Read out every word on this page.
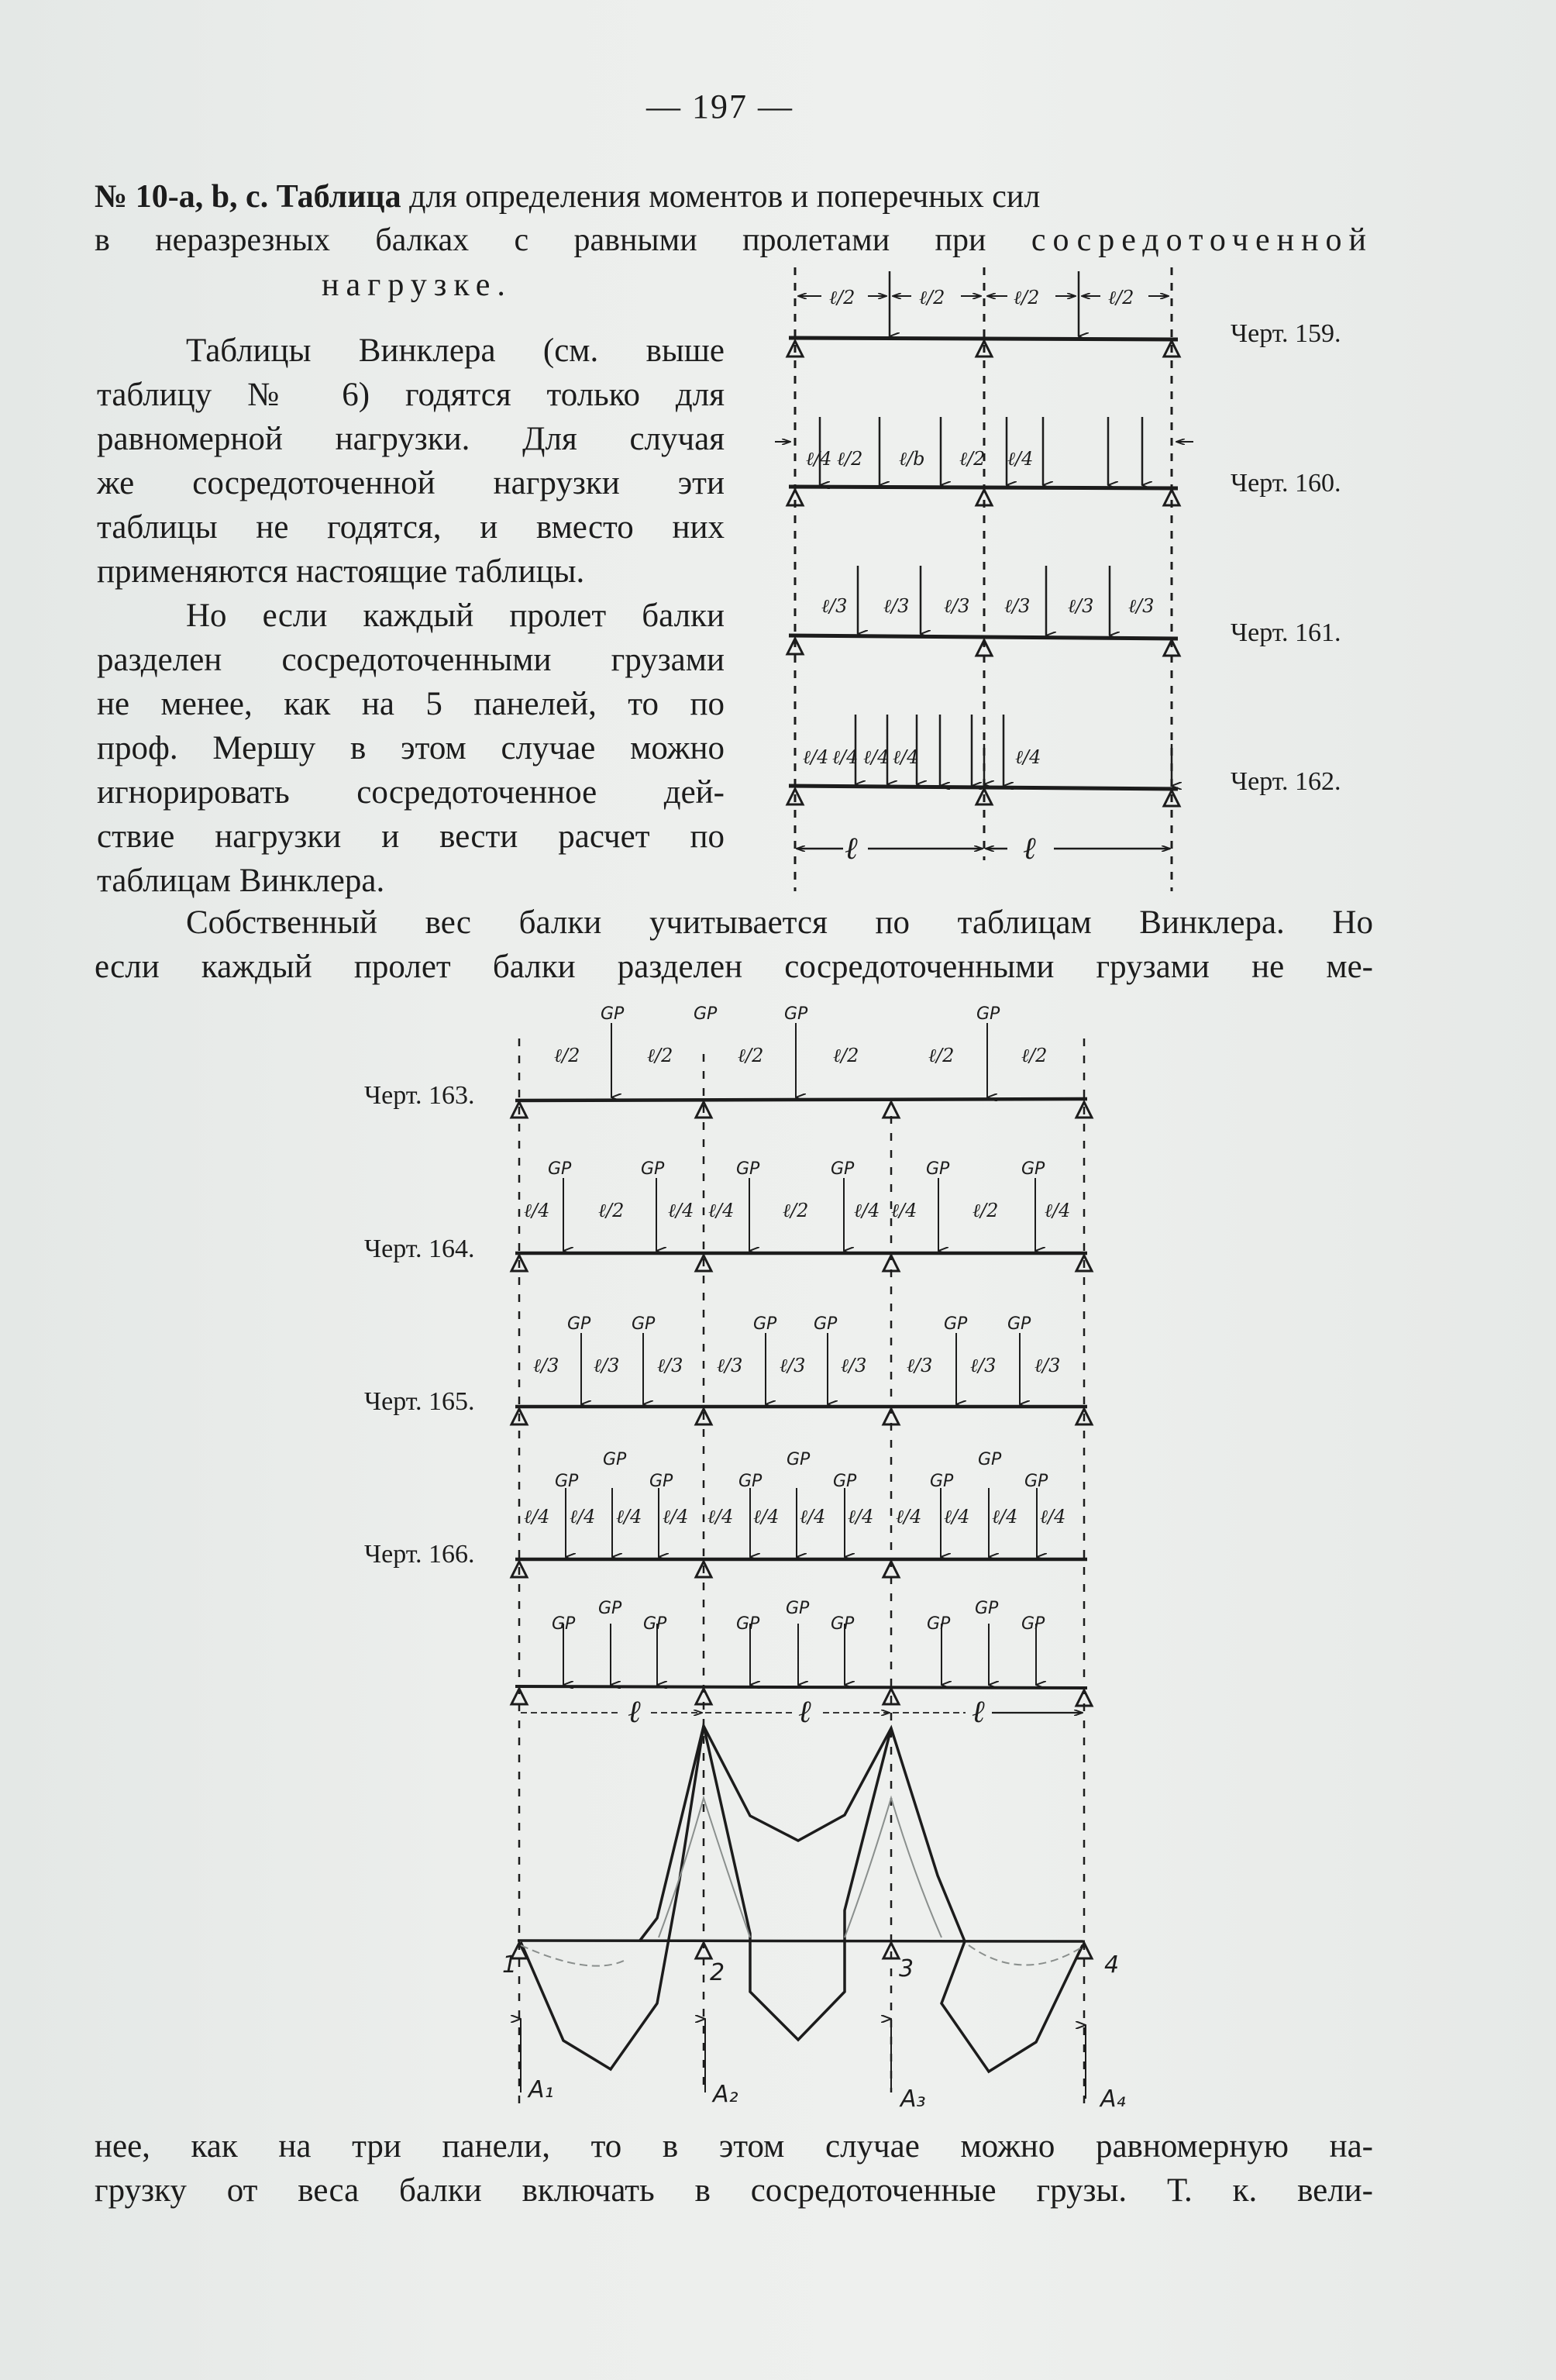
— 197 —
№ 10-a, b, c. Таблица для определения моментов и поперечных сил
в неразрезных балках с равными пролетами при сосредоточенной
нагрузке.
Таблицы Винклера (см. выше
таблицу № 6) годятся только для
равномерной нагрузки. Для случая
же сосредоточенной нагрузки эти
таблицы не годятся, и вместо них
применяются настоящие таблицы.
Но если каждый пролет балки
разделен сосредоточенными грузами
не менее, как на 5 панелей, то по
проф. Мершу в этом случае можно
игнорировать сосредоточенное дей-
ствие нагрузки и вести расчет по
таблицам Винклера.
Собственный вес балки учитывается по таблицам Винклера. Но
если каждый пролет балки разделен сосредоточенными грузами не ме-
нее, как на три панели, то в этом случае можно равномерную на-
грузку от веса балки включать в сосредоточенные грузы. Т. к. вели-
Черт. 159.
Черт. 160.
Черт. 161.
Черт. 162.
Черт. 163.
Черт. 164.
Черт. 165.
Черт. 166.
ℓ/2	ℓ/2	ℓ/2	ℓ/2
ℓ/4 ℓ/2 ℓ/b ℓ/2 ℓ/4
ℓ/3 ℓ/3 ℓ/3 ℓ/3 ℓ/3 ℓ/3
ℓ/4 ℓ/4 ℓ/4 ℓ/4	ℓ/4
ℓ	ℓ
GP	GP	GP	GP
ℓ/2	ℓ/2	ℓ/2	ℓ/2	ℓ/2	ℓ/2
GP	GP	GP	GP	GP	GP
ℓ/4	ℓ/2 ℓ/4 ℓ/4	ℓ/2 ℓ/4 ℓ/4	ℓ/2 ℓ/4
GP GP	GP GP	GP GP
ℓ/3 ℓ/3 ℓ/3 ℓ/3 ℓ/3 ℓ/3 ℓ/3 ℓ/3 ℓ/3
GP	GP	GP
GP	GP	GP	GP	GP	GP
ℓ/4 ℓ/4 ℓ/4 ℓ/4 ℓ/4 ℓ/4 ℓ/4 ℓ/4 ℓ/4 ℓ/4 ℓ/4 ℓ/4
GP
GP
GP	GP
GP
GP	GP
GP
GP
ℓ	ℓ	ℓ
A₁	A₂	A₃	A₄
1	2	3	4
